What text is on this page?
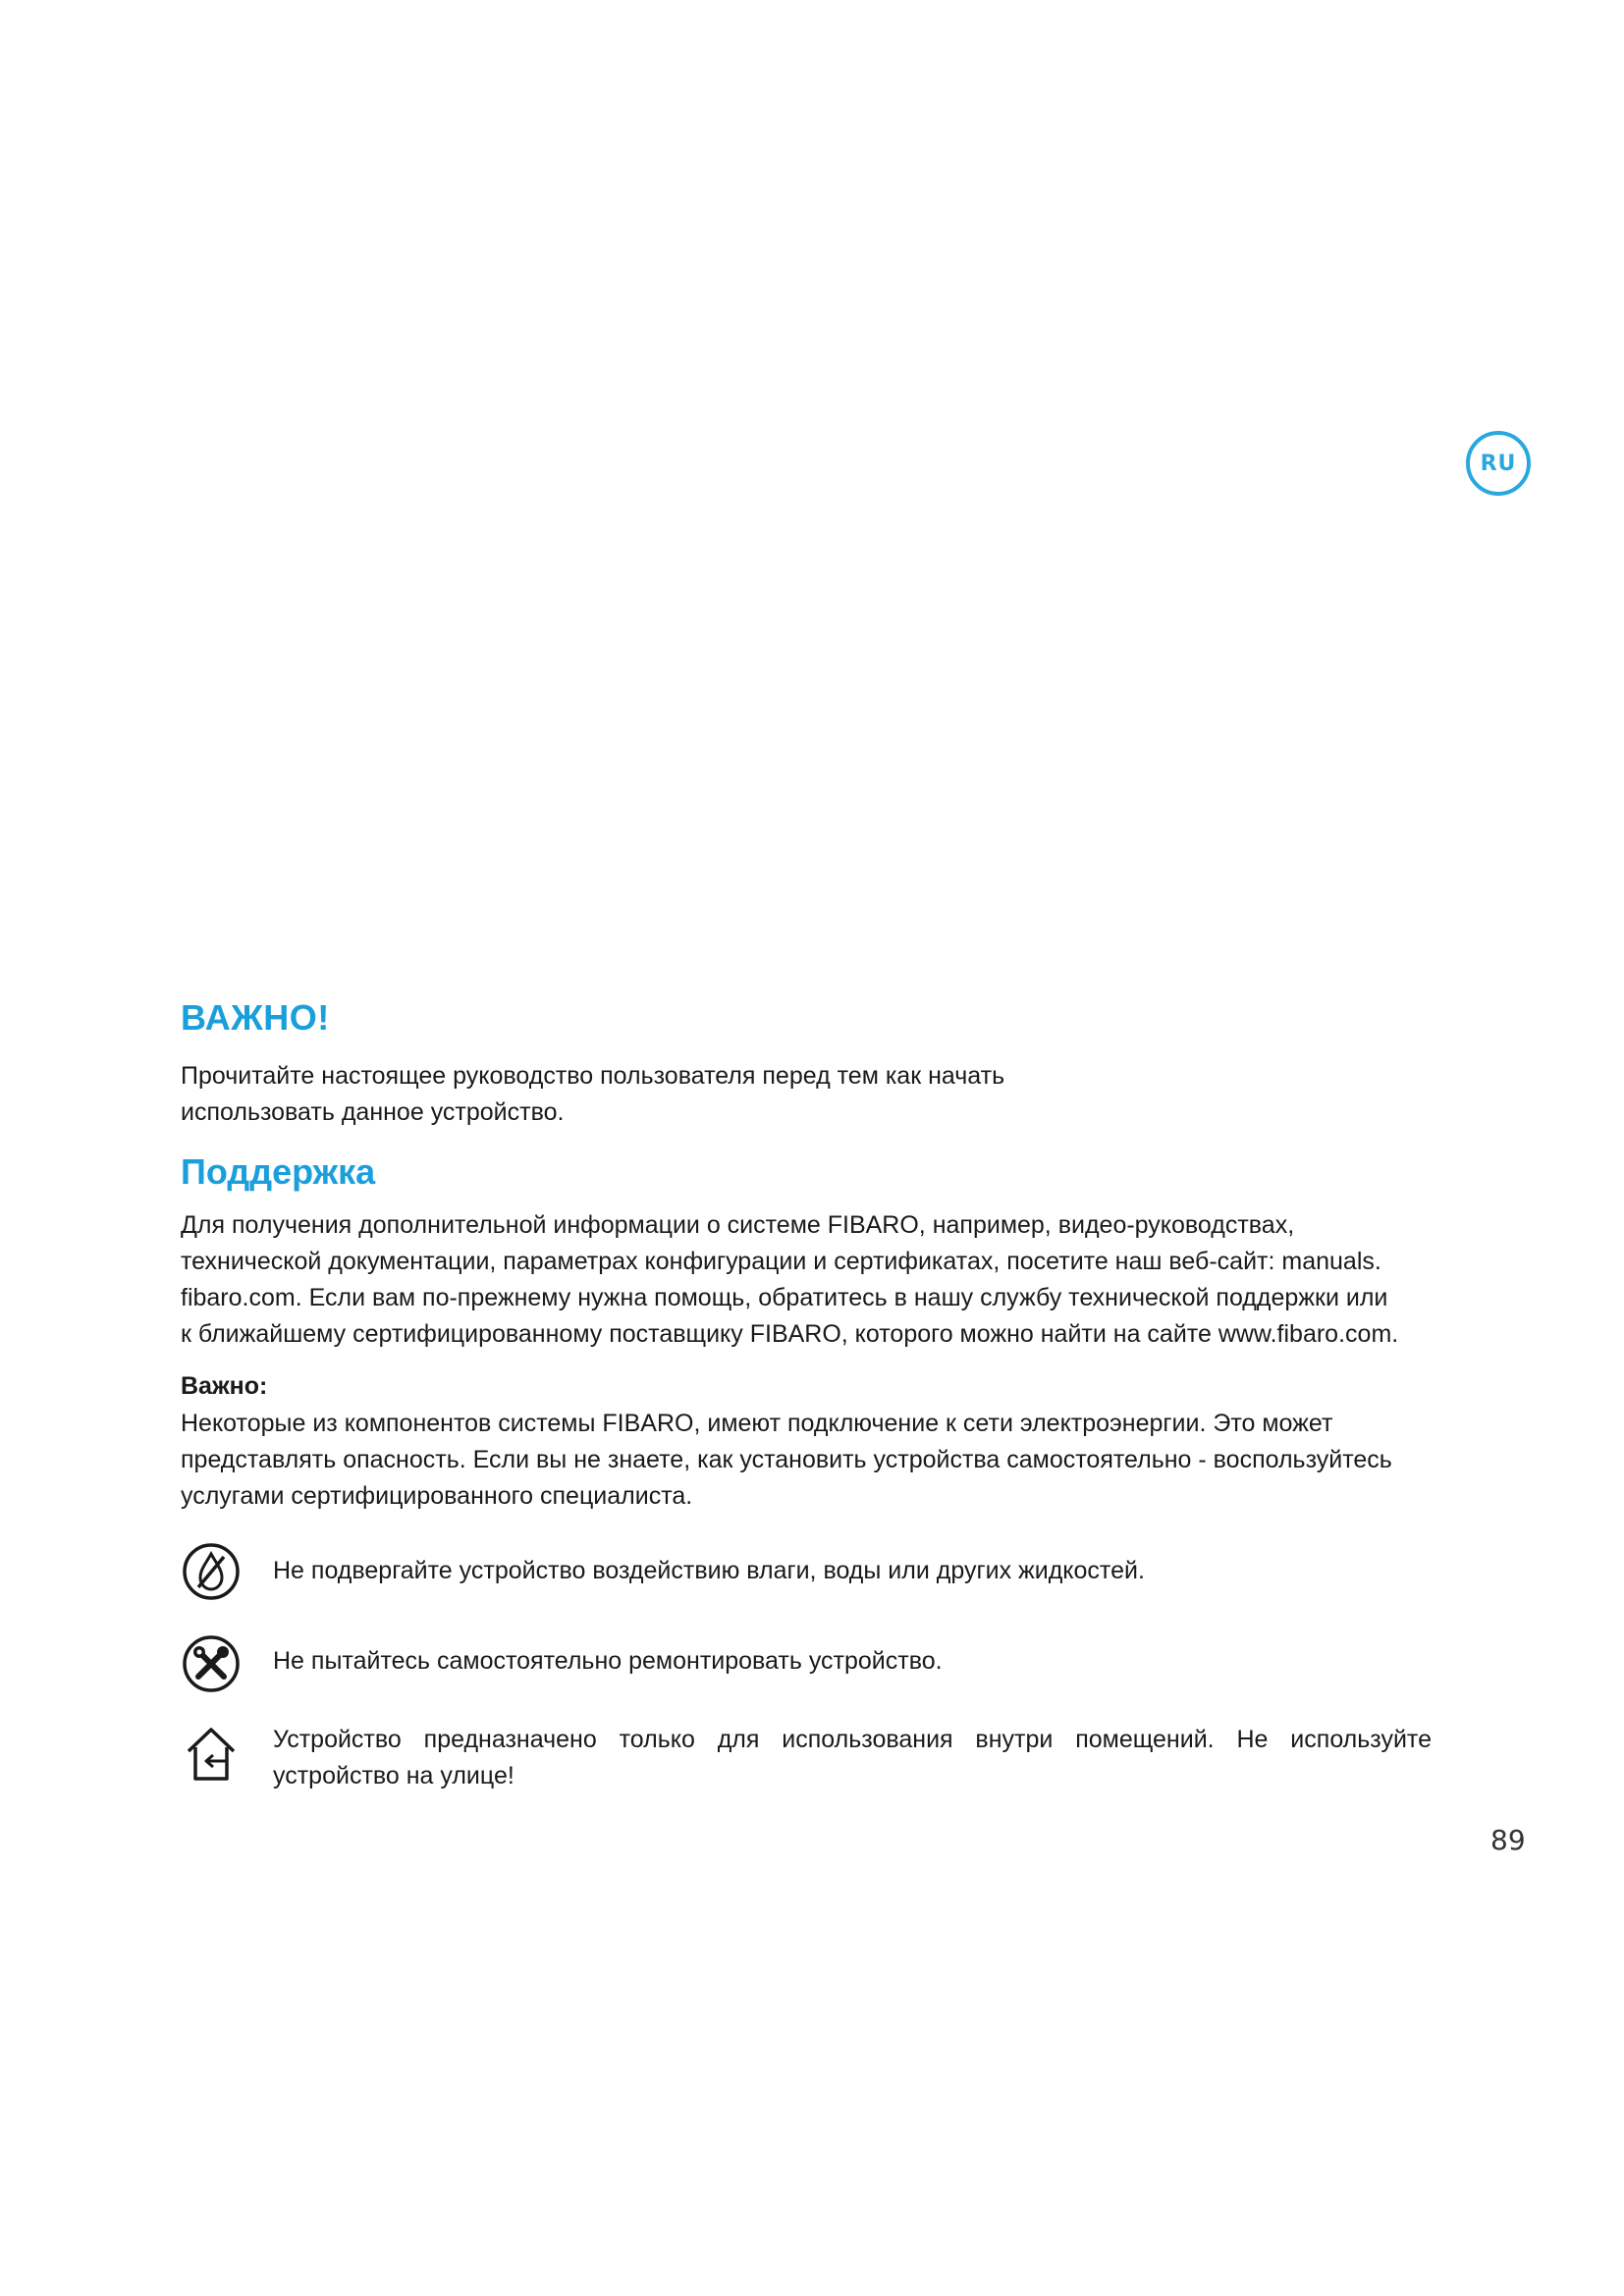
RU
ВАЖНО!

Прочитайте настоящее руководство пользователя перед тем как начать
использовать данное устройство.

Поддержка

Для получения дополнительной информации о системе FIBARO, например, видео-руководствах,
технической документации, параметрах конфигурации и сертификатах, посетите наш веб-сайт: manuals.
fibaro.com. Если вам по-прежнему нужна помощь, обратитесь в нашу службу технической поддержки или
к ближайшему сертифицированному поставщику FIBARO, которого можно найти на сайте www.fibaro.com.

Важно:

Некоторые из компонентов системы FIBARO, имеют подключение к сети электроэнергии. Это может
представлять опасность. Если вы не знаете, как установить устройства самостоятельно - воспользуйтесь
услугами сертифицированного специалиста.

Не подвергайте устройство воздействию влаги, воды или других жидкостей.

Не пытайтесь самостоятельно ремонтировать устройство.

Устройство предназначено только для использования внутри помещений. Не используйте устройство на улице!

89
